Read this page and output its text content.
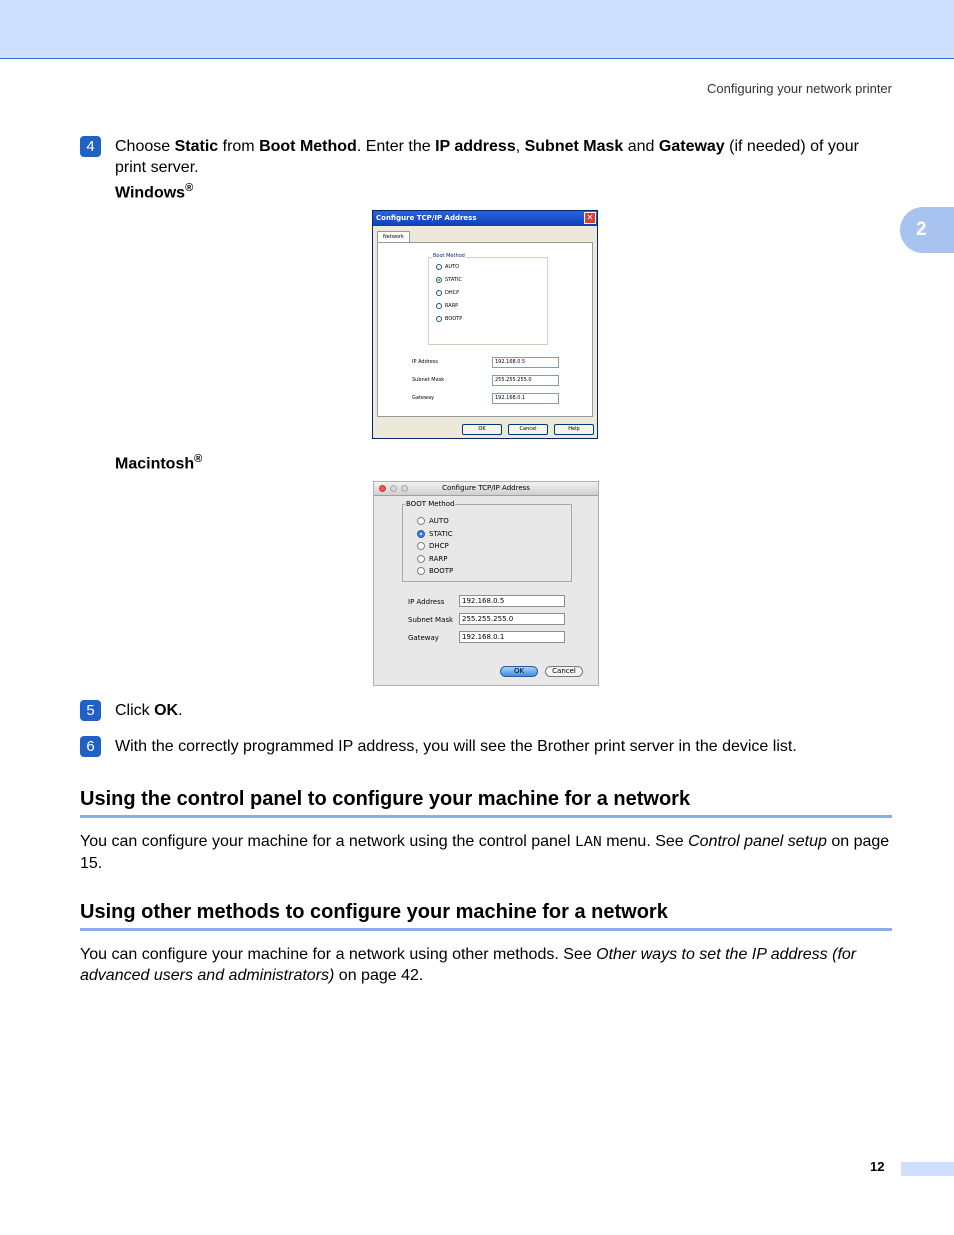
Configuring your network printer
2
4	Choose Static from Boot Method. Enter the IP address, Subnet Mask and Gateway (if needed) of your print server.
Windows®
Configure TCP/IP Address	✕
Network
Boot Method
AUTO
STATIC
DHCP
RARP
BOOTP
IP Address	192.168.0.5
Subnet Mask	255.255.255.0
Gateway	192.168.0.1
OK	Cancel	Help
Macintosh®
Configure TCP/IP Address
BOOT Method
AUTO
STATIC
DHCP
RARP
BOOTP
IP Address	192.168.0.5
Subnet Mask	255.255.255.0
Gateway	192.168.0.1
OK	Cancel
5	Click OK.
6	With the correctly programmed IP address, you will see the Brother print server in the device list.
Using the control panel to configure your machine for a network
You can configure your machine for a network using the control panel LAN menu. See Control panel setup on page 15.
Using other methods to configure your machine for a network
You can configure your machine for a network using other methods. See Other ways to set the IP address (for advanced users and administrators) on page 42.
12
